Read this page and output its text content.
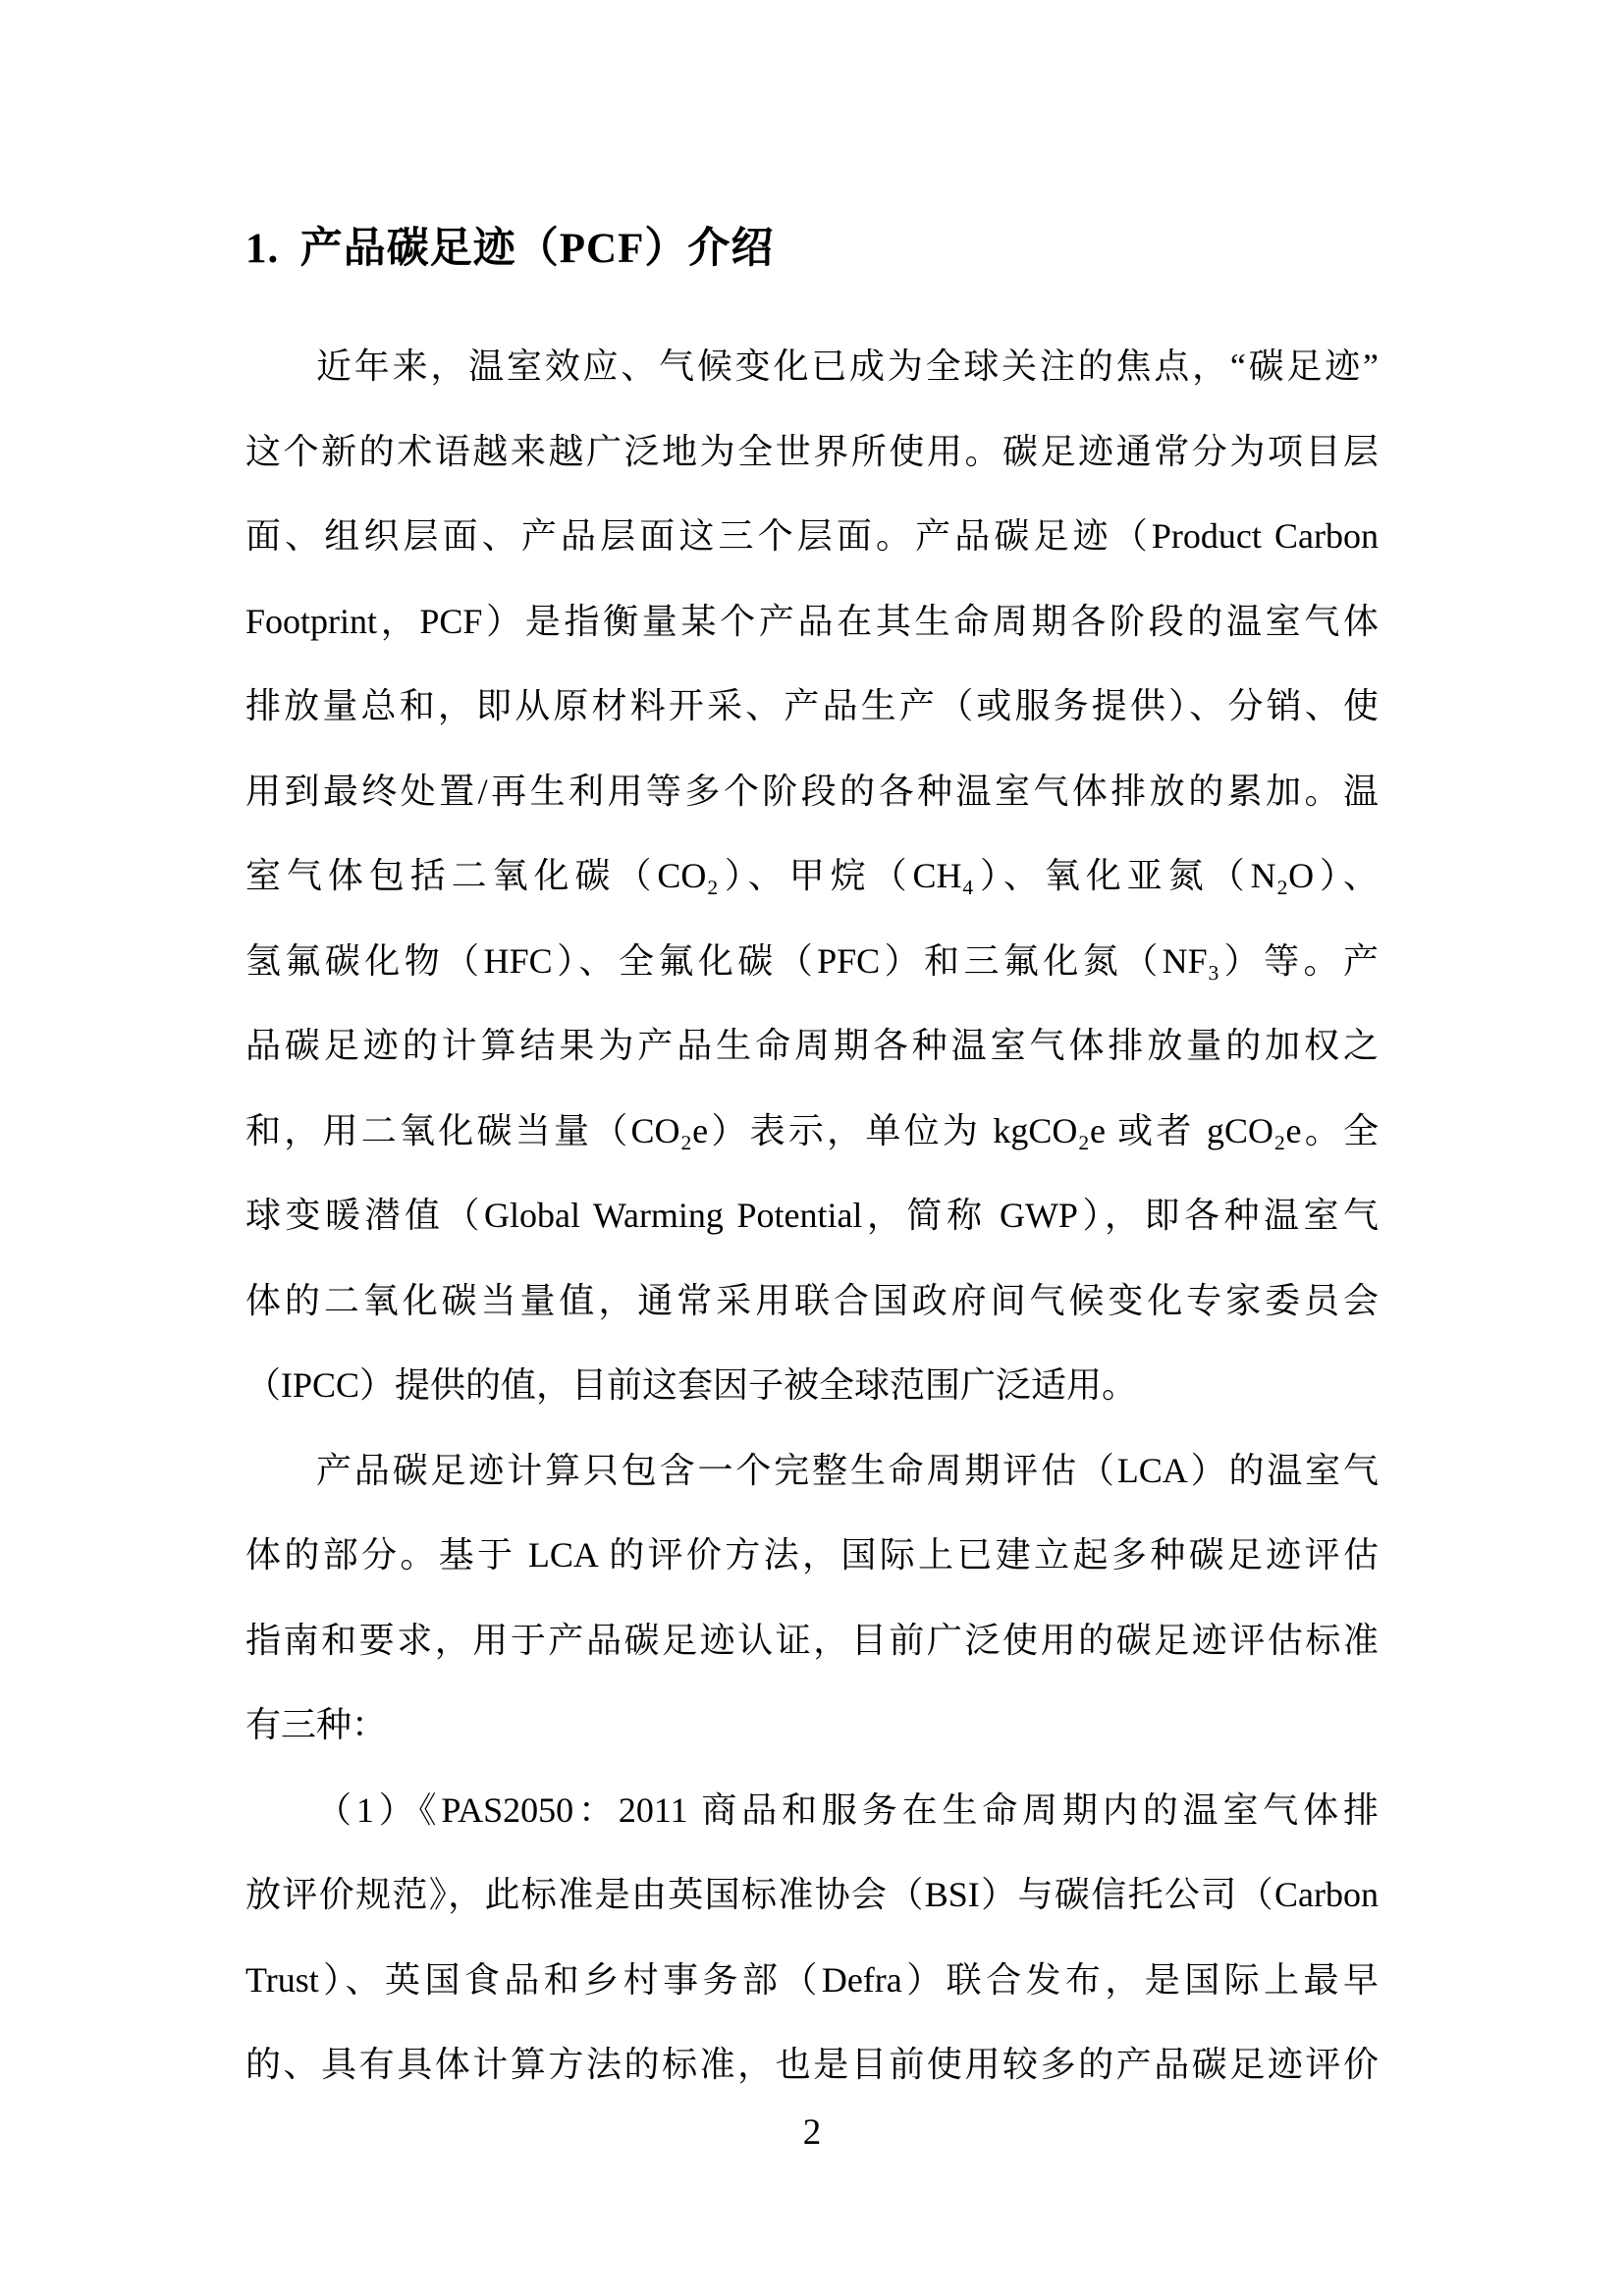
1. 产品碳足迹（PCF）介绍
近年来，温室效应、气候变化已成为全球关注的焦点，“碳足迹”
这个新的术语越来越广泛地为全世界所使用。碳足迹通常分为项目层
面、组织层面、产品层面这三个层面。产品碳足迹（Product Carbon
Footprint，PCF）是指衡量某个产品在其生命周期各阶段的温室气体
排放量总和，即从原材料开采、产品生产（或服务提供）、分销、使
用到最终处置/再生利用等多个阶段的各种温室气体排放的累加。温
室气体包括二氧化碳（CO₂）、甲烷（CH₄）、氧化亚氮（N₂O）、
氢氟碳化物（HFC）、全氟化碳（PFC）和三氟化氮（NF₃）等。产
品碳足迹的计算结果为产品生命周期各种温室气体排放量的加权之
和，用二氧化碳当量（CO₂e）表示，单位为 kgCO₂e 或者 gCO₂e。全
球变暖潜值（Global Warming Potential，简称 GWP），即各种温室气
体的二氧化碳当量值，通常采用联合国政府间气候变化专家委员会
（IPCC）提供的值，目前这套因子被全球范围广泛适用。
产品碳足迹计算只包含一个完整生命周期评估（LCA）的温室气
体的部分。基于 LCA 的评价方法，国际上已建立起多种碳足迹评估
指南和要求，用于产品碳足迹认证，目前广泛使用的碳足迹评估标准
有三种：
（1）《PAS2050：2011 商品和服务在生命周期内的温室气体排
放评价规范》，此标准是由英国标准协会（BSI）与碳信托公司（Carbon
Trust）、英国食品和乡村事务部（Defra）联合发布，是国际上最早
的、具有具体计算方法的标准，也是目前使用较多的产品碳足迹评价
2
